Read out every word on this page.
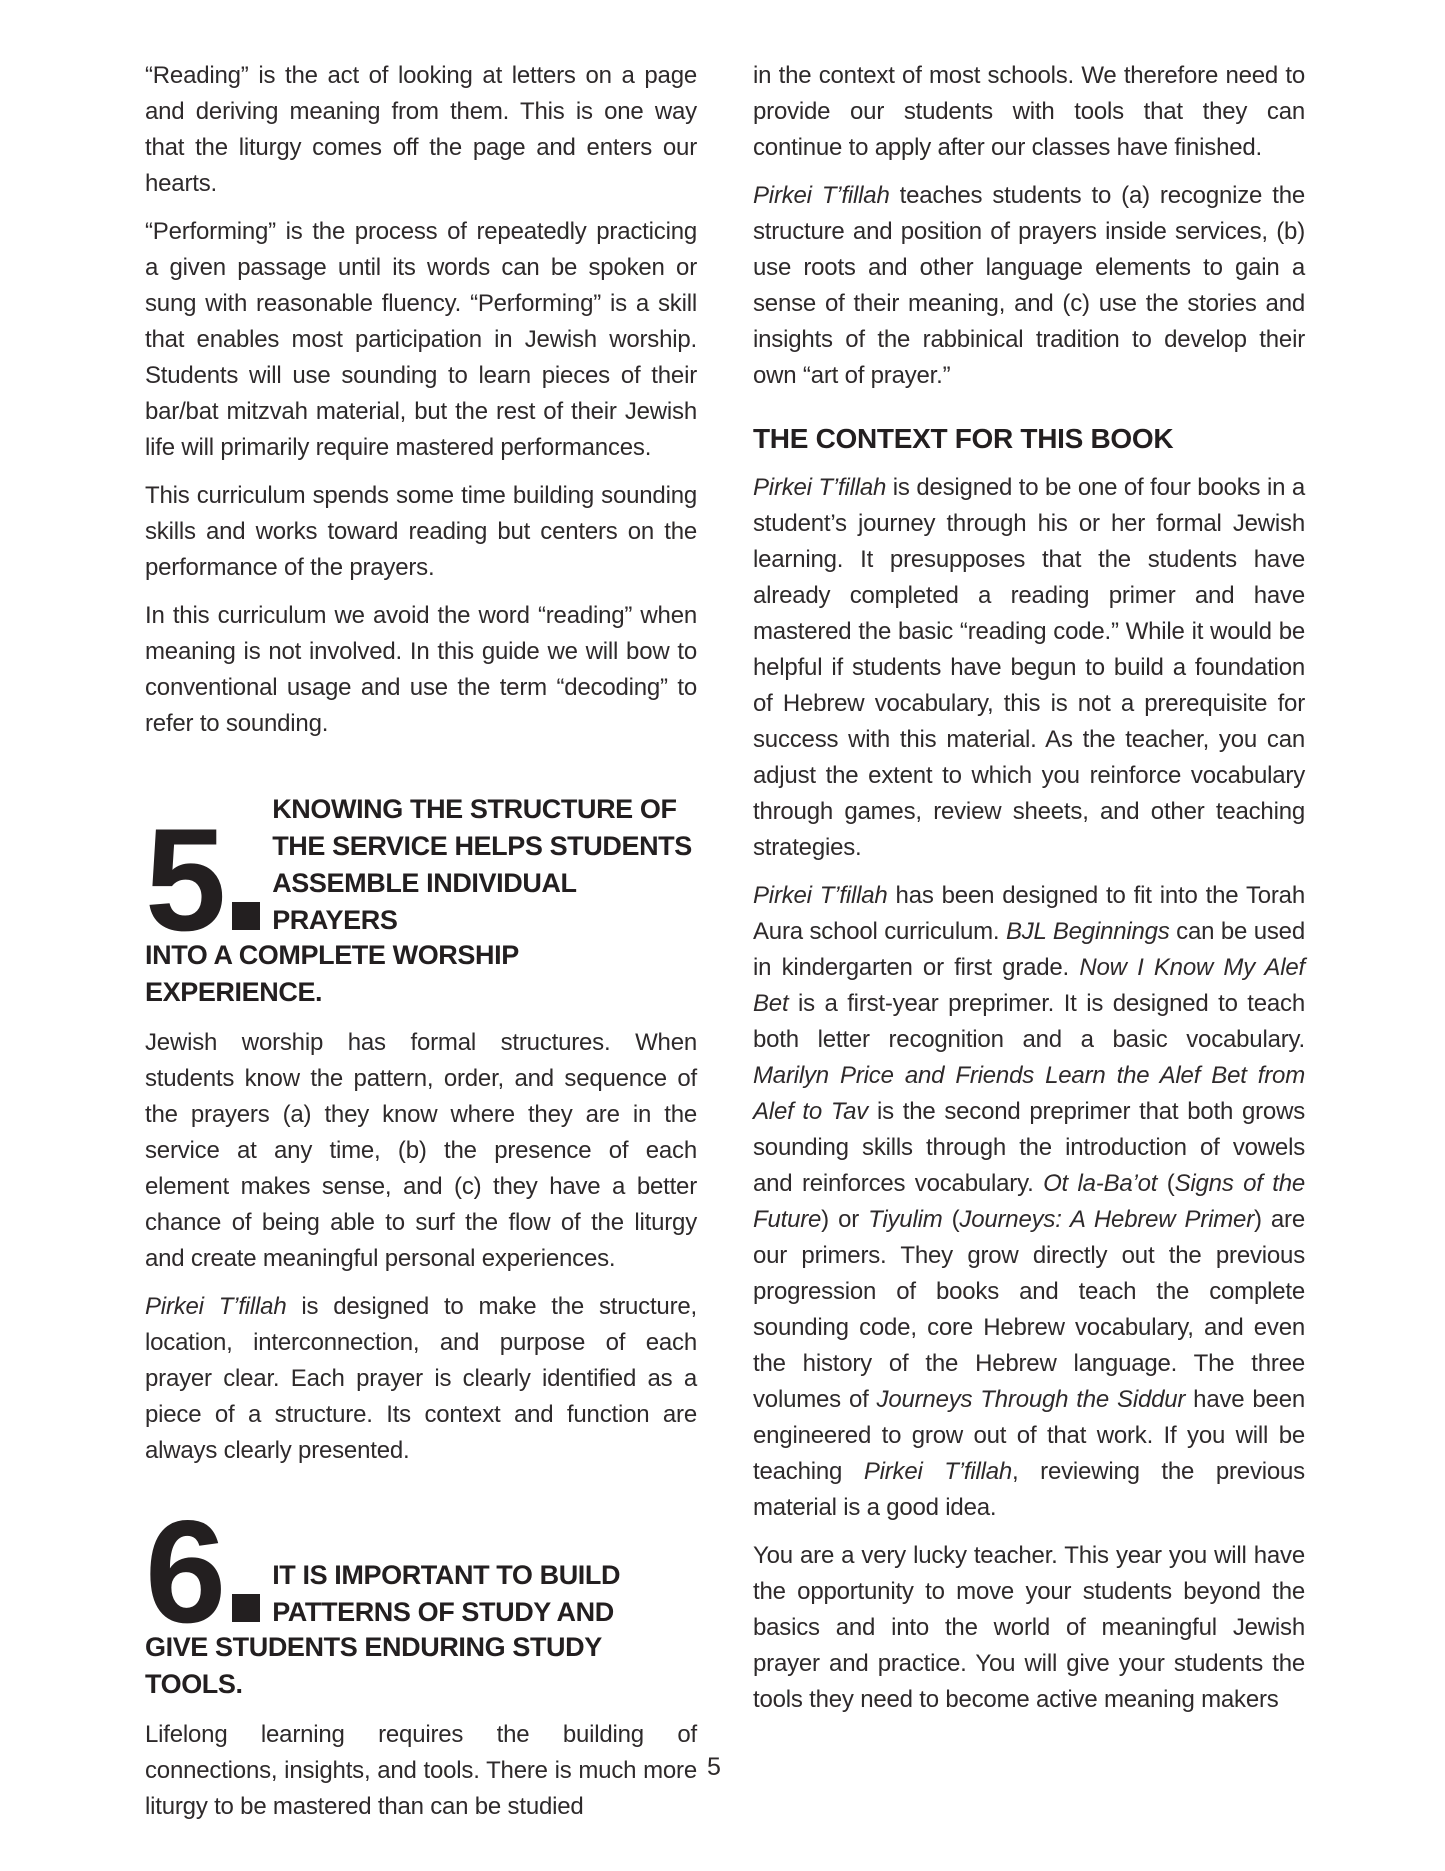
“Reading” is the act of looking at letters on a page and deriving meaning from them. This is one way that the liturgy comes off the page and enters our hearts.

“Performing” is the process of repeatedly practicing a given passage until its words can be spoken or sung with reasonable fluency. “Performing” is a skill that enables most participation in Jewish worship. Students will use sounding to learn pieces of their bar/bat mitzvah material, but the rest of their Jewish life will primarily require mastered performances.

This curriculum spends some time building sounding skills and works toward reading but centers on the performance of the prayers.

In this curriculum we avoid the word “reading” when meaning is not involved. In this guide we will bow to conventional usage and use the term “decoding” to refer to sounding.

5 KNOWING THE STRUCTURE OF
THE SERVICE HELPS STUDENTS
ASSEMBLE INDIVIDUAL PRAYERS
INTO A COMPLETE WORSHIP EXPERIENCE.

Jewish worship has formal structures. When students know the pattern, order, and sequence of the prayers (a) they know where they are in the service at any time, (b) the presence of each element makes sense, and (c) they have a better chance of being able to surf the flow of the liturgy and create meaningful personal experiences.

Pirkei T’fillah is designed to make the structure, location, interconnection, and purpose of each prayer clear. Each prayer is clearly identified as a piece of a structure. Its context and function are always clearly presented.

6 IT IS IMPORTANT TO BUILD
PATTERNS OF STUDY AND
GIVE STUDENTS ENDURING STUDY
TOOLS.

Lifelong learning requires the building of connections, insights, and tools. There is much more liturgy to be mastered than can be studied

in the context of most schools. We therefore need to provide our students with tools that they can continue to apply after our classes have finished.

Pirkei T’fillah teaches students to (a) recognize the structure and position of prayers inside services, (b) use roots and other language elements to gain a sense of their meaning, and (c) use the stories and insights of the rabbinical tradition to develop their own “art of prayer.”

THE CONTEXT FOR THIS BOOK

Pirkei T’fillah is designed to be one of four books in a student’s journey through his or her formal Jewish learning. It presupposes that the students have already completed a reading primer and have mastered the basic “reading code.” While it would be helpful if students have begun to build a foundation of Hebrew vocabulary, this is not a prerequisite for success with this material. As the teacher, you can adjust the extent to which you reinforce vocabulary through games, review sheets, and other teaching strategies.

Pirkei T’fillah has been designed to fit into the Torah Aura school curriculum. BJL Beginnings can be used in kindergarten or first grade. Now I Know My Alef Bet is a first-year preprimer. It is designed to teach both letter recognition and a basic vocabulary. Marilyn Price and Friends Learn the Alef Bet from Alef to Tav is the second preprimer that both grows sounding skills through the introduction of vowels and reinforces vocabulary. Ot la-Ba’ot (Signs of the Future) or Tiyulim (Journeys: A Hebrew Primer) are our primers. They grow directly out the previous progression of books and teach the complete sounding code, core Hebrew vocabulary, and even the history of the Hebrew language. The three volumes of Journeys Through the Siddur have been engineered to grow out of that work. If you will be teaching Pirkei T’fillah, reviewing the previous material is a good idea.

You are a very lucky teacher. This year you will have the opportunity to move your students beyond the basics and into the world of meaningful Jewish prayer and practice. You will give your students the tools they need to become active meaning makers

5
